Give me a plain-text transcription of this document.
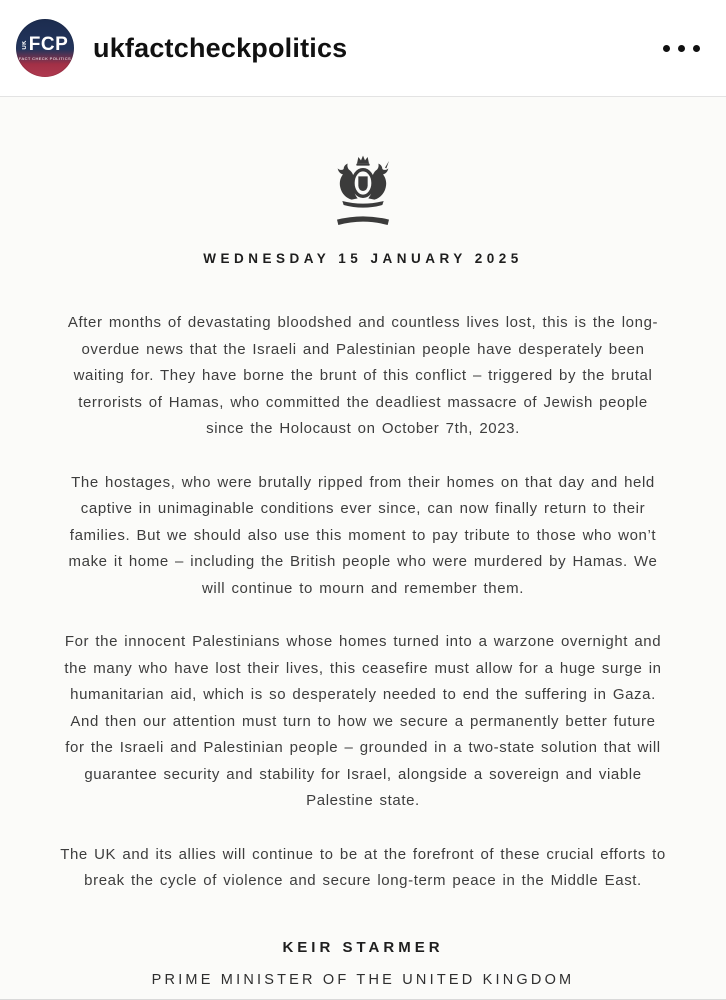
UK FCP
FACT CHECK POLITICS ukfactcheckpolitics
WEDNESDAY 15 JANUARY 2025

After months of devastating bloodshed and countless lives lost, this is the long-overdue news that the Israeli and Palestinian people have desperately been waiting for. They have borne the brunt of this conflict – triggered by the brutal terrorists of Hamas, who committed the deadliest massacre of Jewish people since the Holocaust on October 7th, 2023.

The hostages, who were brutally ripped from their homes on that day and held captive in unimaginable conditions ever since, can now finally return to their families. But we should also use this moment to pay tribute to those who won’t make it home – including the British people who were murdered by Hamas. We will continue to mourn and remember them.

For the innocent Palestinians whose homes turned into a warzone overnight and the many who have lost their lives, this ceasefire must allow for a huge surge in humanitarian aid, which is so desperately needed to end the suffering in Gaza. And then our attention must turn to how we secure a permanently better future for the Israeli and Palestinian people – grounded in a two-state solution that will guarantee security and stability for Israel, alongside a sovereign and viable Palestine state.

The UK and its allies will continue to be at the forefront of these crucial efforts to break the cycle of violence and secure long-term peace in the Middle East.

KEIR STARMER
PRIME MINISTER OF THE UNITED KINGDOM
